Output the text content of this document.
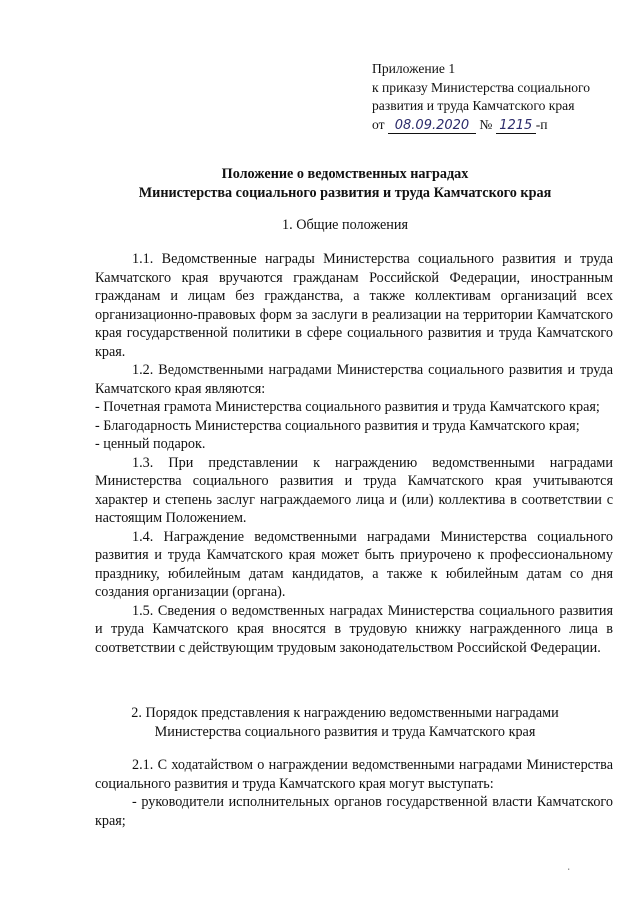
Приложение 1
к приказу Министерства социального
развития и труда Камчатского края
от 08.09.2020 № 1215 -п
Положение о ведомственных наградах
Министерства социального развития и труда Камчатского края
1. Общие положения

1.1. Ведомственные награды Министерства социального развития и труда Камчатского края вручаются гражданам Российской Федерации, иностранным гражданам и лицам без гражданства, а также коллективам организаций всех организационно-правовых форм за заслуги в реализации на территории Камчатского края государственной политики в сфере социального развития и труда Камчатского края.

1.2. Ведомственными наградами Министерства социального развития и труда Камчатского края являются:

- Почетная грамота Министерства социального развития и труда Камчатского края;

- Благодарность Министерства социального развития и труда Камчатского края;

- ценный подарок.

1.3. При представлении к награждению ведомственными наградами Министерства социального развития и труда Камчатского края учитываются характер и степень заслуг награждаемого лица и (или) коллектива в соответствии с настоящим Положением.

1.4. Награждение ведомственными наградами Министерства социального развития и труда Камчатского края может быть приурочено к профессиональному празднику, юбилейным датам кандидатов, а также к юбилейным датам со дня создания организации (органа).

1.5. Сведения о ведомственных наградах Министерства социального развития и труда Камчатского края вносятся в трудовую книжку награжденного лица в соответствии с действующим трудовым законодательством Российской Федерации.

2. Порядок представления к награждению ведомственными наградами
Министерства социального развития и труда Камчатского края

2.1. С ходатайством о награждении ведомственными наградами Министерства социального развития и труда Камчатского края могут выступать:

- руководители исполнительных органов государственной власти Камчатского края;

٠
